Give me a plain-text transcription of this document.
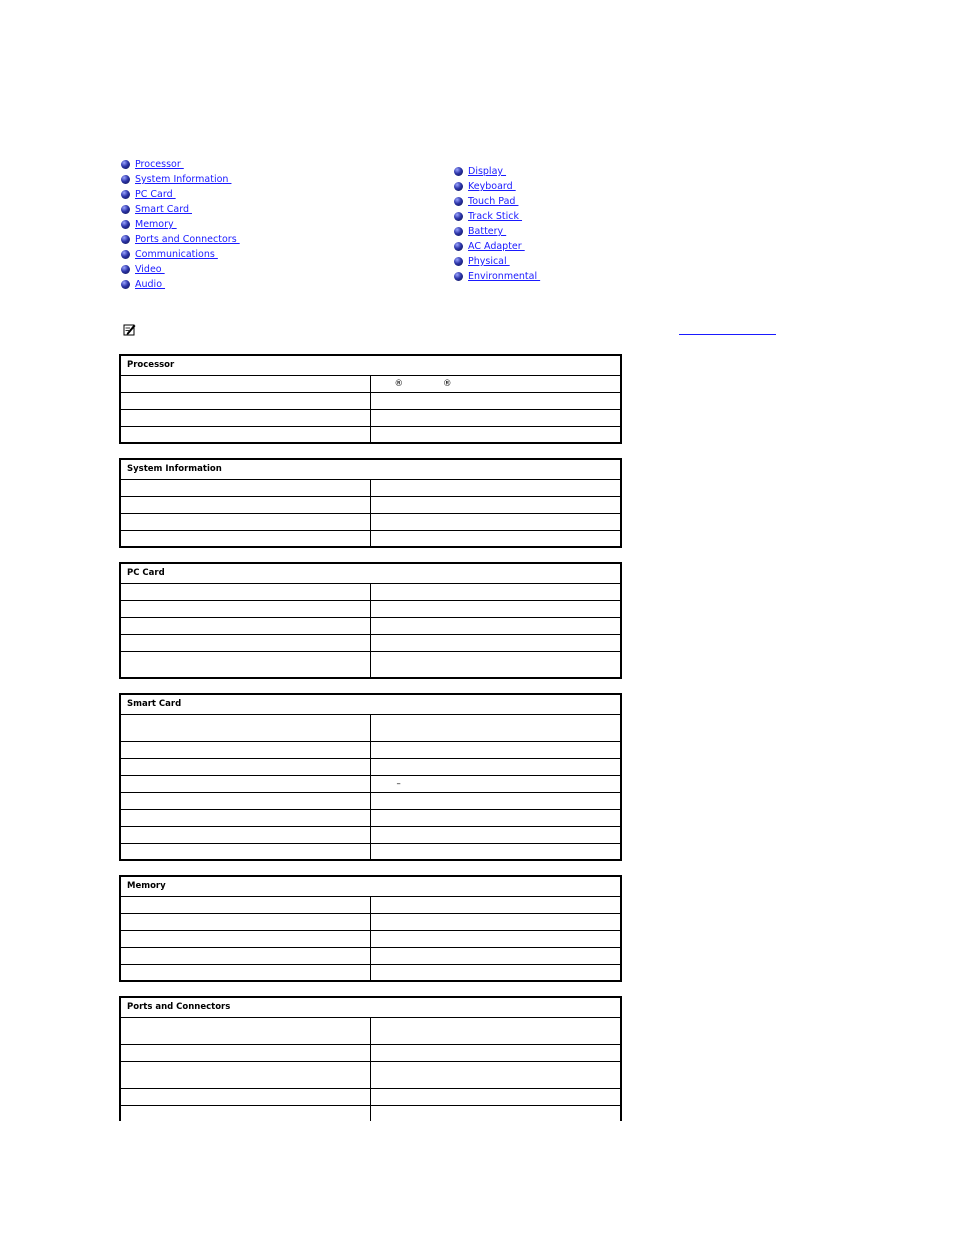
Processor
System Information
PC Card
Smart Card
Memory
Ports and Connectors
Communications
Video
Audio
Display
Keyboard
Touch Pad
Track Stick
Battery
AC Adapter
Physical
Environmental
Processor	
	® ®

System Information	

PC Card	

Smart Card	

	–

Memory	

Ports and Connectors	
